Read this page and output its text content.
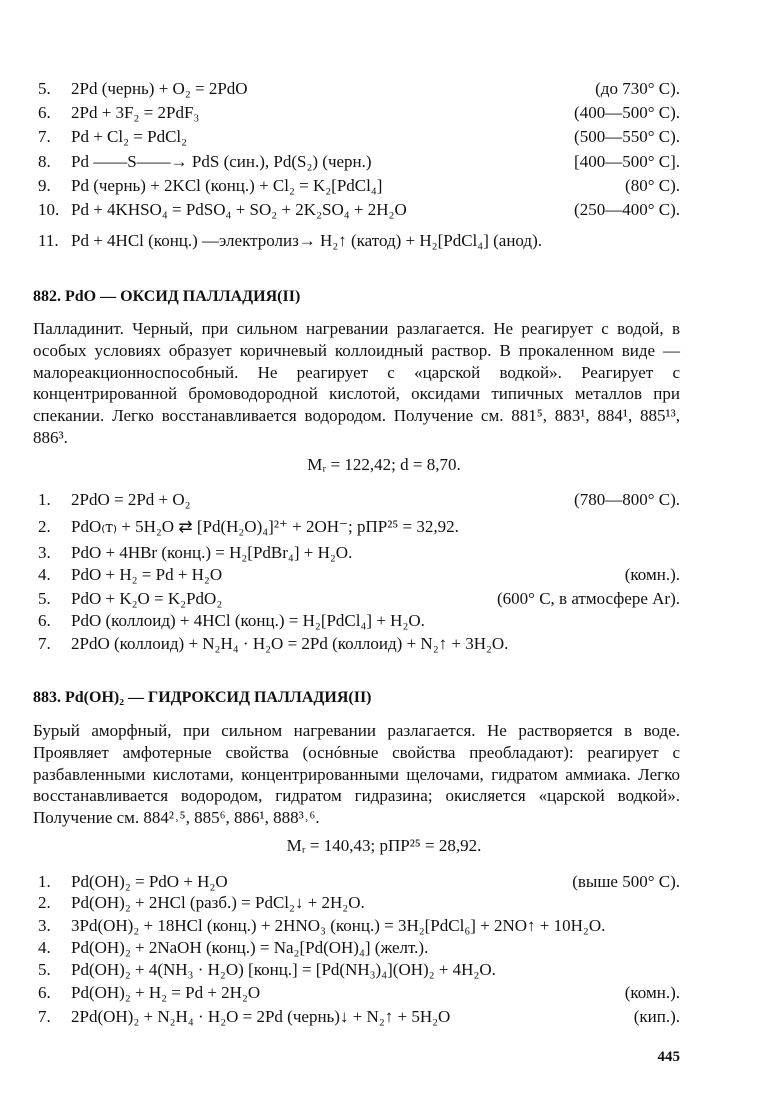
5.	2Pd (чернь) + O₂ = 2PdO	(до 730° C).
6.	2Pd + 3F₂ = 2PdF₃	(400—500° C).
7.	Pd + Cl₂ = PdCl₂	(500—550° C).
8.	Pd ——S——→ PdS (син.), Pd(S₂) (черн.)	[400—500° C].
9.	Pd (чернь) + 2KCl (конц.) + Cl₂ = K₂[PdCl₄]	(80° C).
10. Pd + 4KHSO₄ = PdSO₄ + SO₂ + 2K₂SO₄ + 2H₂O	(250—400° C).
11. Pd + 4HCl (конц.) —электролиз→ H₂↑ (катод) + H₂[PdCl₄] (анод).
882. PdO — ОКСИД ПАЛЛАДИЯ(II)
Палладинит. Черный, при сильном нагревании разлагается. Не реагирует с водой, в особых условиях образует коричневый коллоидный раствор. В прокаленном виде — малореакционноспособный. Не реагирует с «царской водкой». Реагирует с концентрированной бромоводородной кислотой, оксидами типичных металлов при спекании. Легко восстанавливается водородом. Получение см. 881⁵, 883¹, 884¹, 885¹³, 886³.
Mᵣ = 122,42; d = 8,70.
1.	2PdO = 2Pd + O₂	(780—800° C).
2.	PdO₍т₎ + 5H₂O ⇄ [Pd(H₂O)₄]²⁺ + 2OH⁻; pПР²⁵ = 32,92.
3.	PdO + 4HBr (конц.) = H₂[PdBr₄] + H₂O.
4.	PdO + H₂ = Pd + H₂O	(комн.).
5.	PdO + K₂O = K₂PdO₂	(600° C, в атмосфере Ar).
6.	PdO (коллоид) + 4HCl (конц.) = H₂[PdCl₄] + H₂O.
7.	2PdO (коллоид) + N₂H₄ · H₂O = 2Pd (коллоид) + N₂↑ + 3H₂O.
883. Pd(OH)₂ — ГИДРОКСИД ПАЛЛАДИЯ(II)
Бурый аморфный, при сильном нагревании разлагается. Не растворяется в воде. Проявляет амфотерные свойства (оснóвные свойства преобладают): реагирует с разбавленными кислотами, концентрированными щелочами, гидратом аммиака. Легко восстанавливается водородом, гидратом гидразина; окисляется «царской водкой». Получение см. 884²˒⁵, 885⁶, 886¹, 888³˒⁶.
Mᵣ = 140,43; pПР²⁵ = 28,92.
1.	Pd(OH)₂ = PdO + H₂O	(выше 500° C).
2.	Pd(OH)₂ + 2HCl (разб.) = PdCl₂↓ + 2H₂O.
3.	3Pd(OH)₂ + 18HCl (конц.) + 2HNO₃ (конц.) = 3H₂[PdCl₆] + 2NO↑ + 10H₂O.
4.	Pd(OH)₂ + 2NaOH (конц.) = Na₂[Pd(OH)₄] (желт.).
5.	Pd(OH)₂ + 4(NH₃ · H₂O) [конц.] = [Pd(NH₃)₄](OH)₂ + 4H₂O.
6.	Pd(OH)₂ + H₂ = Pd + 2H₂O	(комн.).
7.	2Pd(OH)₂ + N₂H₄ · H₂O = 2Pd (чернь)↓ + N₂↑ + 5H₂O	(кип.).
445
